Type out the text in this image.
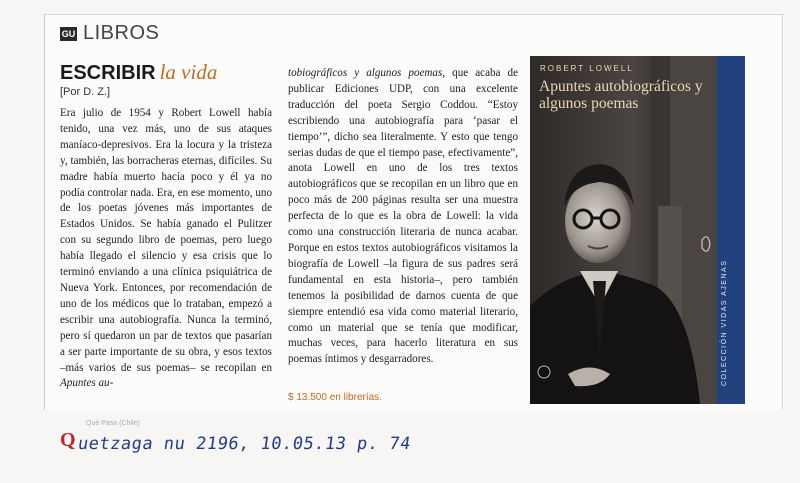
GU LIBROS
ESCRIBIR la vida
[Por D. Z.]

Era julio de 1954 y Robert Lowell había tenido, una vez más, uno de sus ataques maníaco-depresivos. Era la locura y la tristeza y, también, las borracheras eternas, difíciles. Su madre había muerto hacía poco y él ya no podía controlar nada. Era, en ese momento, uno de los poetas jóvenes más importantes de Estados Unidos. Se había ganado el Pulitzer con su segundo libro de poemas, pero luego había llegado el silencio y esa crisis que lo terminó enviando a una clínica psiquiátrica de Nueva York. Entonces, por recomendación de uno de los médicos que lo trataban, empezó a escribir una autobiografía. Nunca la terminó, pero sí quedaron un par de textos que pasarían a ser parte importante de su obra, y esos textos –más varios de sus poemas– se recopilan en Apuntes au-

tobiográficos y algunos poemas, que acaba de publicar Ediciones UDP, con una excelente traducción del poeta Sergio Coddou. “Estoy escribiendo una autobiografía para ‘pasar el tiempo’”, dicho sea literalmente. Y esto que tengo serias dudas de que el tiempo pase, efectivamente”, anota Lowell en uno de los tres textos autobiográficos que se recopilan en un libro que en poco más de 200 páginas resulta ser una muestra perfecta de lo que es la obra de Lowell: la vida como una construcción literaria de nunca acabar. Porque en estos textos autobiográficos visitamos la biografía de Lowell –la figura de sus padres será fundamental en esta historia–, pero también tenemos la posibilidad de darnos cuenta de que siempre entendió esa vida como material literario, como un material que se tenía que modificar, muchas veces, para hacerlo literatura en sus poemas íntimos y desgarradores.

$ 13.500 en librerías.
ROBERT LOWELL
Apuntes autobiográficos y algunos poemas
COLECCIÓN VIDAS AJENAS
Q
Qué Pasa (Chile)
uetzaga nu 2196, 10.05.13 p. 74
